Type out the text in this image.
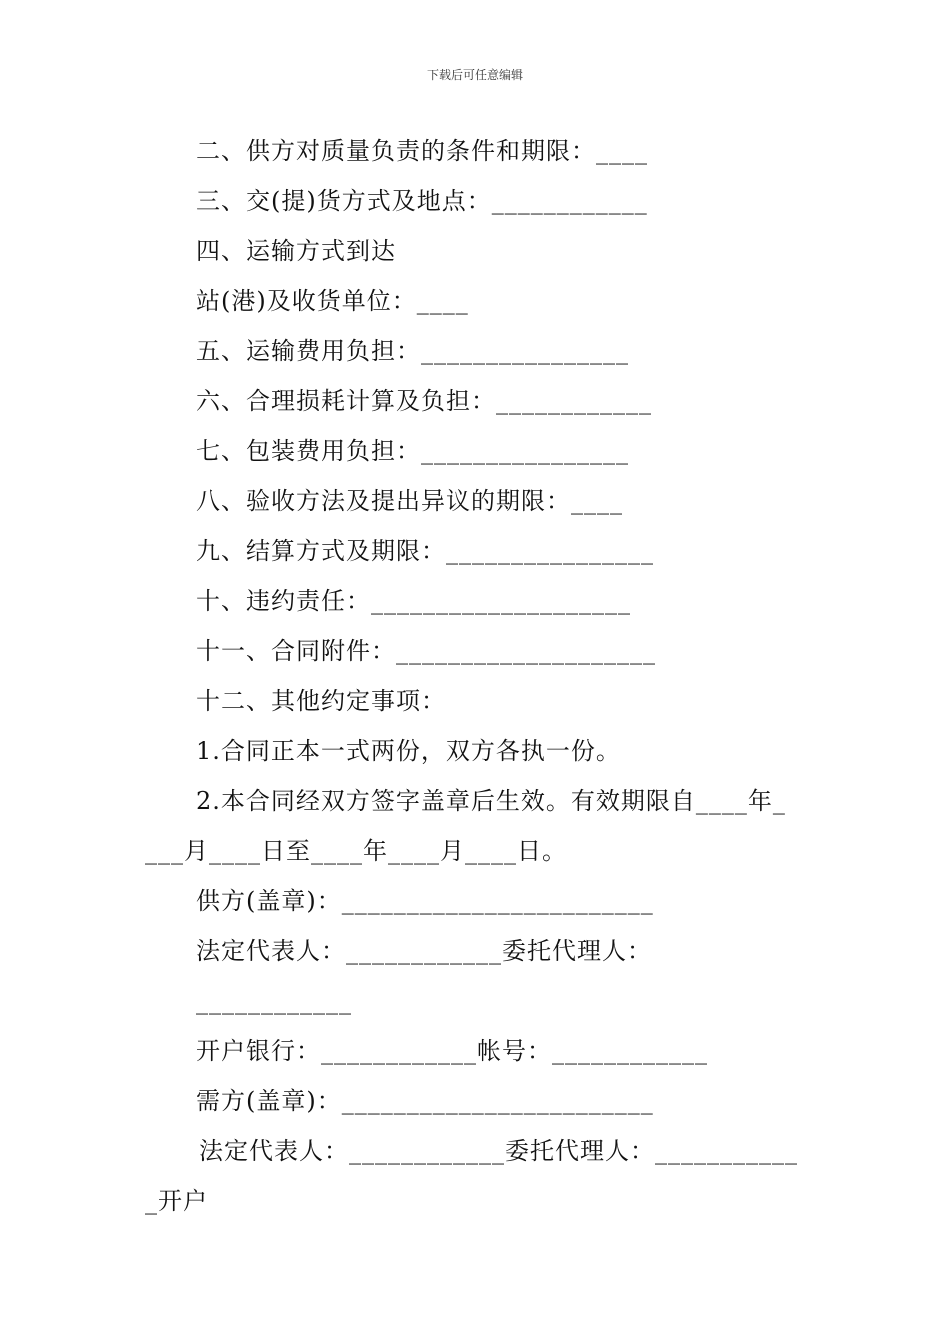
下载后可任意编辑
二、供方对质量负责的条件和期限：____
三、交(提)货方式及地点：____________
四、运输方式到达
站(港)及收货单位：____
五、运输费用负担：________________
六、合理损耗计算及负担：____________
七、包装费用负担：________________
八、验收方法及提出异议的期限：____
九、结算方式及期限：________________
十、违约责任：____________________
十一、合同附件：____________________
十二、其他约定事项：
1.合同正本一式两份，双方各执一份。
2.本合同经双方签字盖章后生效。有效期限自____年_
___月____日至____年____月____日。
供方(盖章)：________________________
法定代表人：____________委托代理人：
____________
开户银行：____________帐号：____________
需方(盖章)：________________________
法定代表人：____________委托代理人：___________
_开户
